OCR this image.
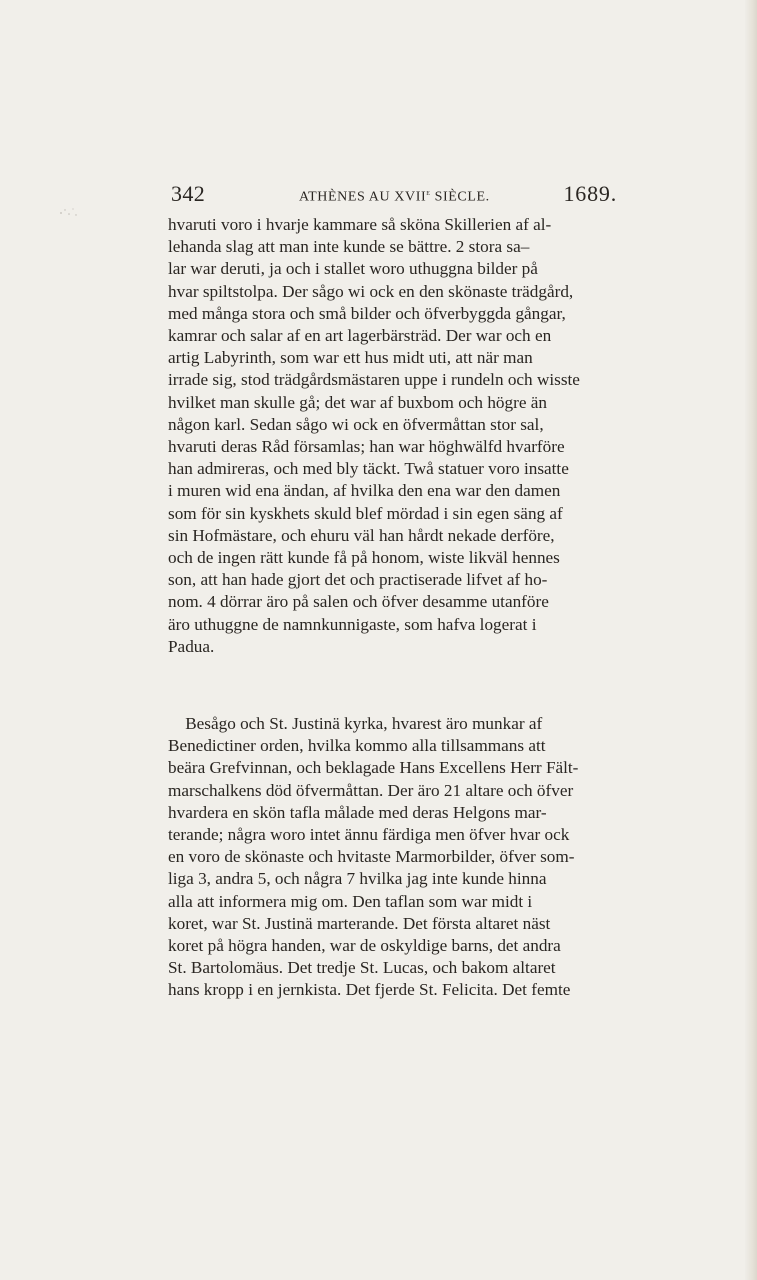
342	ATHÈNES AU XVIIe SIÈCLE.	1689.
hvaruti voro i hvarje kammare så sköna Skillerien af al-
lehanda slag att man inte kunde se bättre. 2 stora sa–
lar war deruti, ja och i stallet woro uthuggna bilder på
hvar spiltstolpa. Der sågo wi ock en den skönaste trädgård,
med många stora och små bilder och öfverbyggda gångar,
kamrar och salar af en art lagerbärsträd. Der war och en
artig Labyrinth, som war ett hus midt uti, att när man
irrade sig, stod trädgårdsmästaren uppe i rundeln och wisste
hvilket man skulle gå; det war af buxbom och högre än
någon karl. Sedan sågo wi ock en öfvermåttan stor sal,
hvaruti deras Råd församlas; han war höghwälfd hvarföre
han admireras, och med bly täckt. Twå statuer voro insatte
i muren wid ena ändan, af hvilka den ena war den damen
som för sin kyskhets skuld blef mördad i sin egen säng af
sin Hofmästare, och ehuru väl han hårdt nekade derföre,
och de ingen rätt kunde få på honom, wiste likväl hennes
son, att han hade gjort det och practiserade lifvet af ho-
nom. 4 dörrar äro på salen och öfver desamme utanföre
äro uthuggne de namnkunnigaste, som hafva logerat i
Padua.
Besågo och St. Justinä kyrka, hvarest äro munkar af
Benedictiner orden, hvilka kommo alla tillsammans att
beära Grefvinnan, och beklagade Hans Excellens Herr Fält-
marschalkens död öfvermåttan. Der äro 21 altare och öfver
hvardera en skön tafla målade med deras Helgons mar-
terande; några woro intet ännu färdiga men öfver hvar ock
en voro de skönaste och hvitaste Marmorbilder, öfver som-
liga 3, andra 5, och några 7 hvilka jag inte kunde hinna
alla att informera mig om. Den taflan som war midt i
koret, war St. Justinä marterande. Det första altaret näst
koret på högra handen, war de oskyldige barns, det andra
St. Bartolomäus. Det tredje St. Lucas, och bakom altaret
hans kropp i en jernkista. Det fjerde St. Felicita. Det femte
